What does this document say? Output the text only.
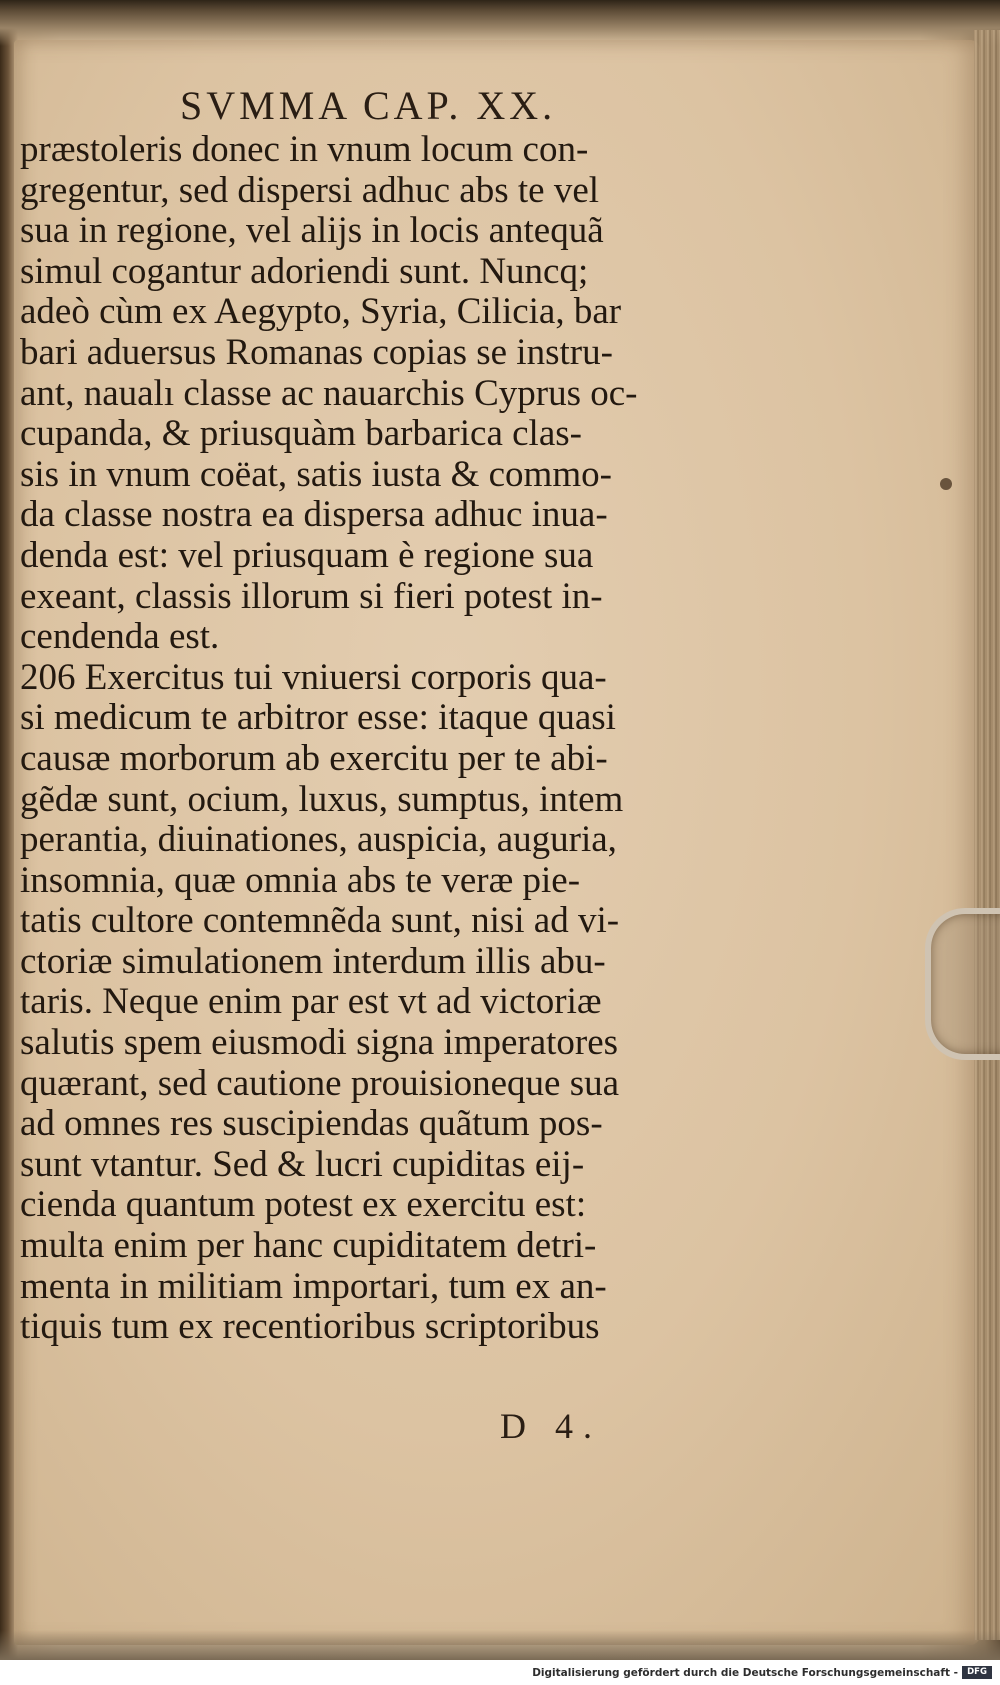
SVMMA CAP. XX.
præstoleris donec in vnum locum con-
gregentur, sed dispersi adhuc abs te vel
sua in regione, vel alijs in locis antequã
simul cogantur adoriendi sunt. Nuncq;
adeò cùm ex Aegypto, Syria, Cilicia, bar
bari aduersus Romanas copias se instru-
ant, naualı classe ac nauarchis Cyprus oc-
cupanda, & priusquàm barbarica clas-
sis in vnum coëat, satis iusta & commo-
da classe nostra ea dispersa adhuc inua-
denda est: vel priusquam è regione sua
exeant, classis illorum si fieri potest in-
cendenda est.
206 Exercitus tui vniuersi corporis qua-
si medicum te arbitror esse: itaque quasi
causæ morborum ab exercitu per te abi-
gẽdæ sunt, ocium, luxus, sumptus, intem
perantia, diuinationes, auspicia, auguria,
insomnia, quæ omnia abs te veræ pie-
tatis cultore contemnẽda sunt, nisi ad vi-
ctoriæ simulationem interdum illis abu-
taris. Neque enim par est vt ad victoriæ
salutis spem eiusmodi signa imperatores
quærant, sed cautione prouisioneque sua
ad omnes res suscipiendas quãtum pos-
sunt vtantur. Sed & lucri cupiditas eij-
cienda quantum potest ex exercitu est:
multa enim per hanc cupiditatem detri-
menta in militiam importari, tum ex an-
tiquis tum ex recentioribus scriptoribus
D 4.
Digitalisierung gefördert durch die Deutsche Forschungsgemeinschaft -	DFG
